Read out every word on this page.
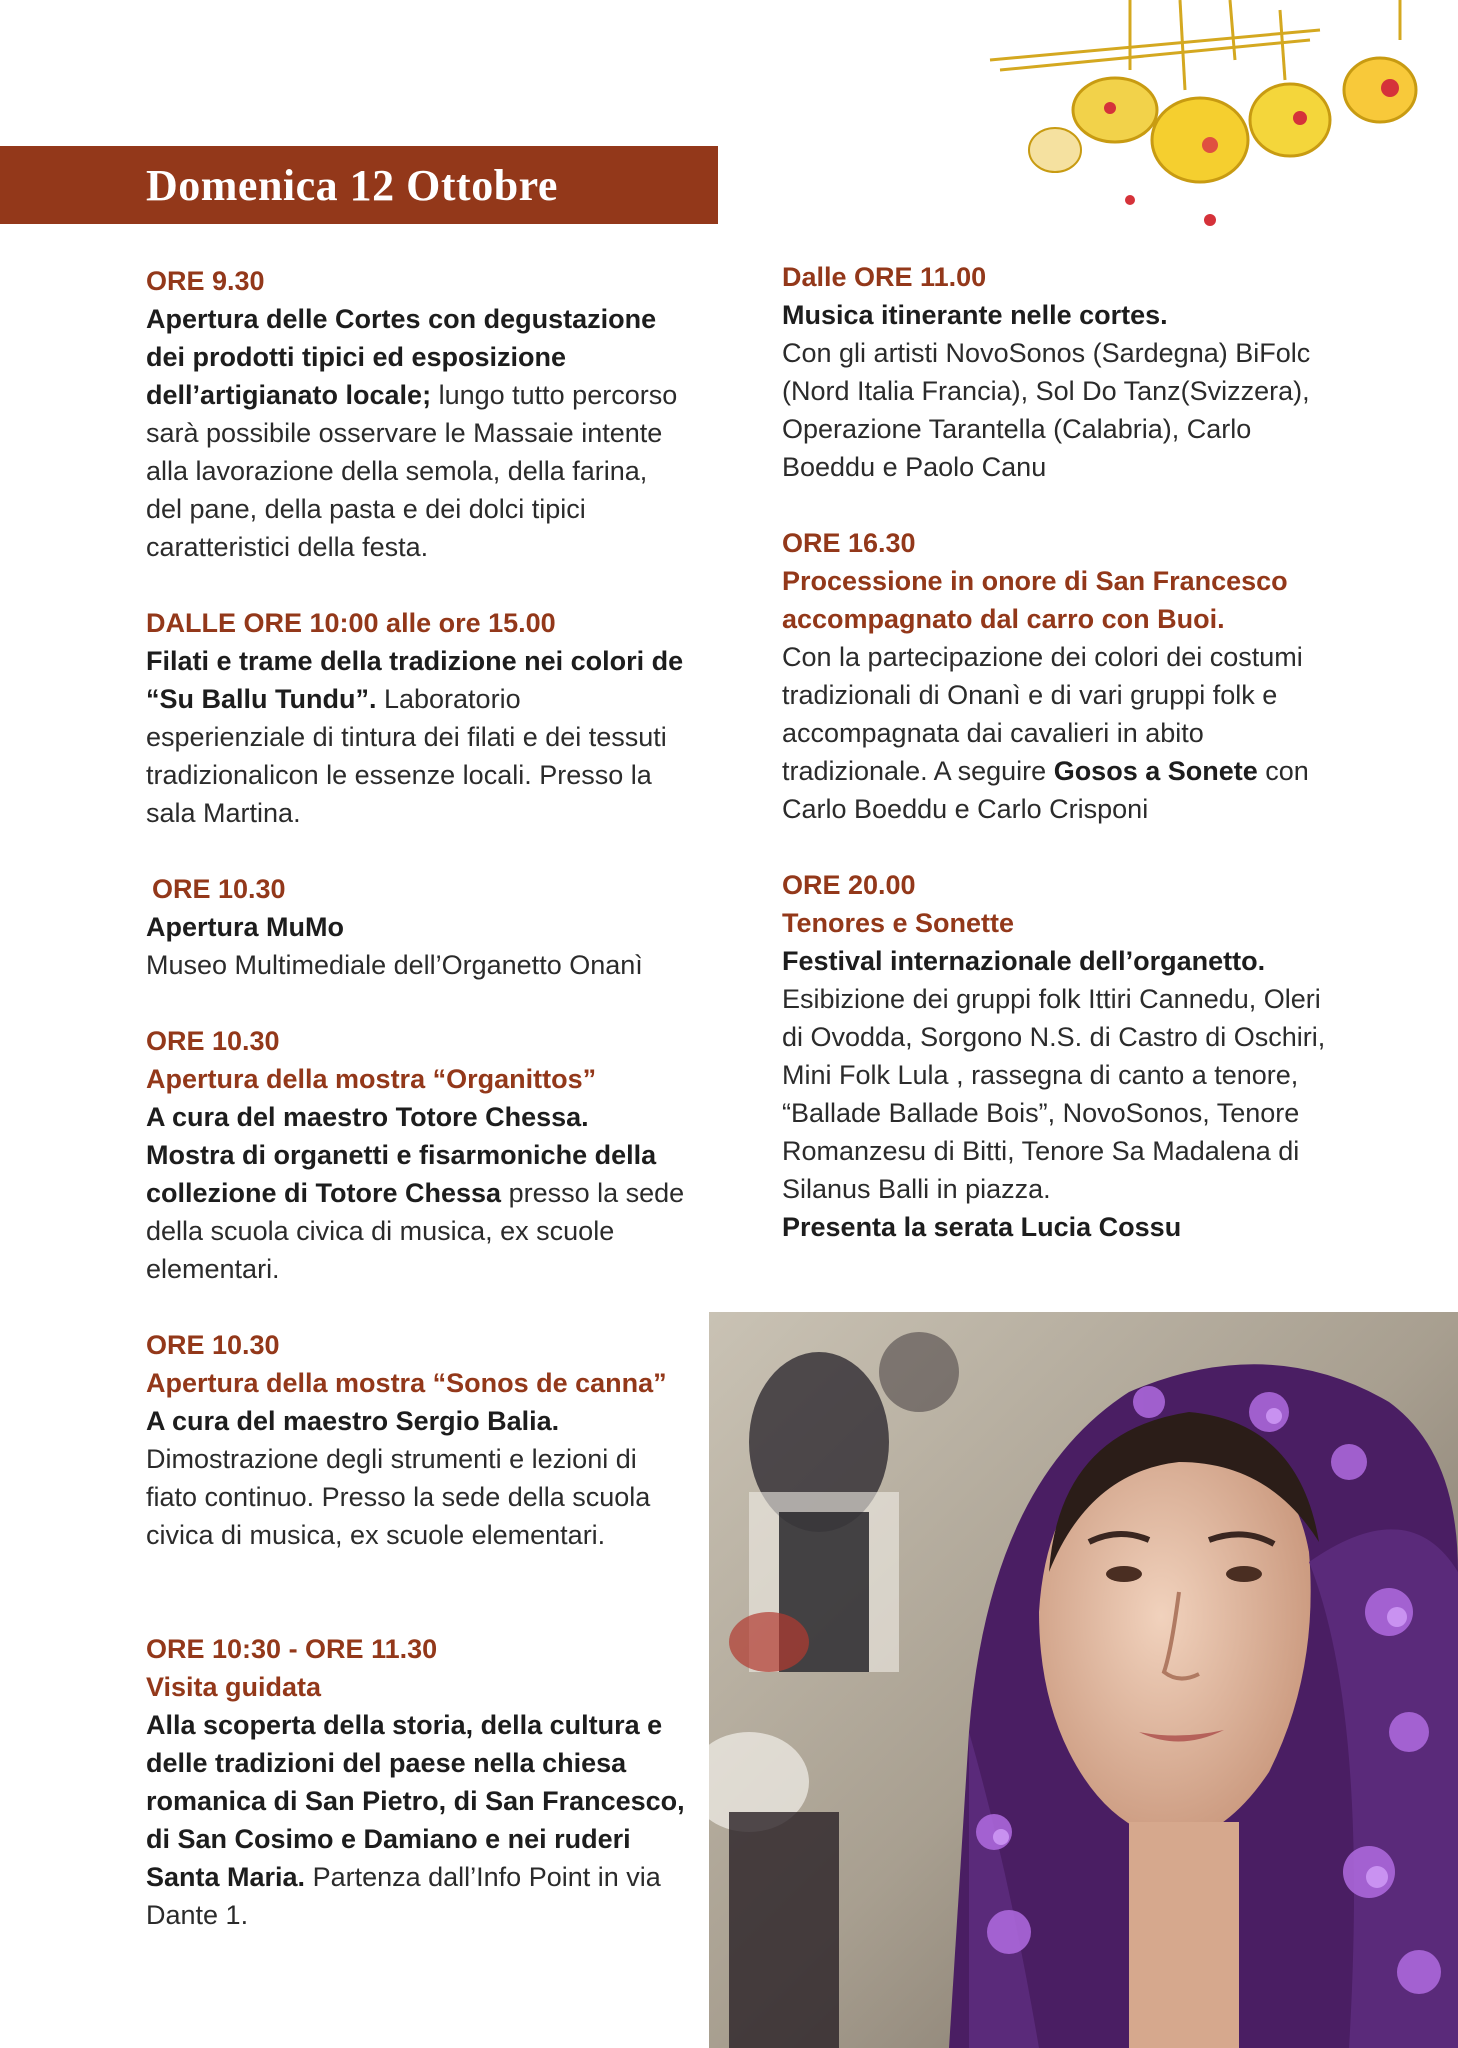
Domenica 12 Ottobre

ORE 9.30

Apertura delle Cortes con degustazione dei prodotti tipici ed esposizione dell’artigianato locale; lungo tutto percorso sarà possibile osservare le Massaie intente alla lavorazione della semola, della farina, del pane, della pasta e dei dolci tipici caratteristici della festa.

DALLE ORE 10:00 alle ore 15.00

Filati e trame della tradizione nei colori de “Su Ballu Tundu”. Laboratorio esperienziale di tintura dei filati e dei tessuti tradizionalicon le essenze locali. Presso la sala Martina.

ORE 10.30

Apertura MuMo

Museo Multimediale dell’Organetto Onanì

ORE 10.30

Apertura della mostra “Organittos”

A cura del maestro Totore Chessa.

Mostra di organetti e fisarmoniche della collezione di Totore Chessa presso la sede della scuola civica di musica, ex scuole elementari.

ORE 10.30

Apertura della mostra “Sonos de canna”

A cura del maestro Sergio Balia.

Dimostrazione degli strumenti e lezioni di fiato continuo. Presso la sede della scuola civica di musica, ex scuole elementari.

ORE 10:30 - ORE 11.30

Visita guidata

Alla scoperta della storia, della cultura e delle tradizioni del paese nella chiesa romanica di San Pietro, di San Francesco, di San Cosimo e Damiano e nei ruderi Santa Maria. Partenza dall’Info Point in via Dante 1.

Dalle ORE 11.00

Musica itinerante nelle cortes.

Con gli artisti NovoSonos (Sardegna) BiFolc (Nord Italia Francia), Sol Do Tanz(Svizzera), Operazione Tarantella (Calabria), Carlo Boeddu e Paolo Canu

ORE 16.30

Processione in onore di San Francesco accompagnato dal carro con Buoi.

Con la partecipazione dei colori dei costumi tradizionali di Onanì e di vari gruppi folk e accompagnata dai cavalieri in abito tradizionale. A seguire Gosos a Sonete con Carlo Boeddu e Carlo Crisponi

ORE 20.00

Tenores e Sonette

Festival internazionale dell’organetto.

Esibizione dei gruppi folk Ittiri Cannedu, Oleri di Ovodda, Sorgono N.S. di Castro di Oschiri, Mini Folk Lula , rassegna di canto a tenore, “Ballade Ballade Bois”, NovoSonos, Tenore Romanzesu di Bitti, Tenore Sa Madalena di Silanus Balli in piazza.

Presenta la serata Lucia Cossu
